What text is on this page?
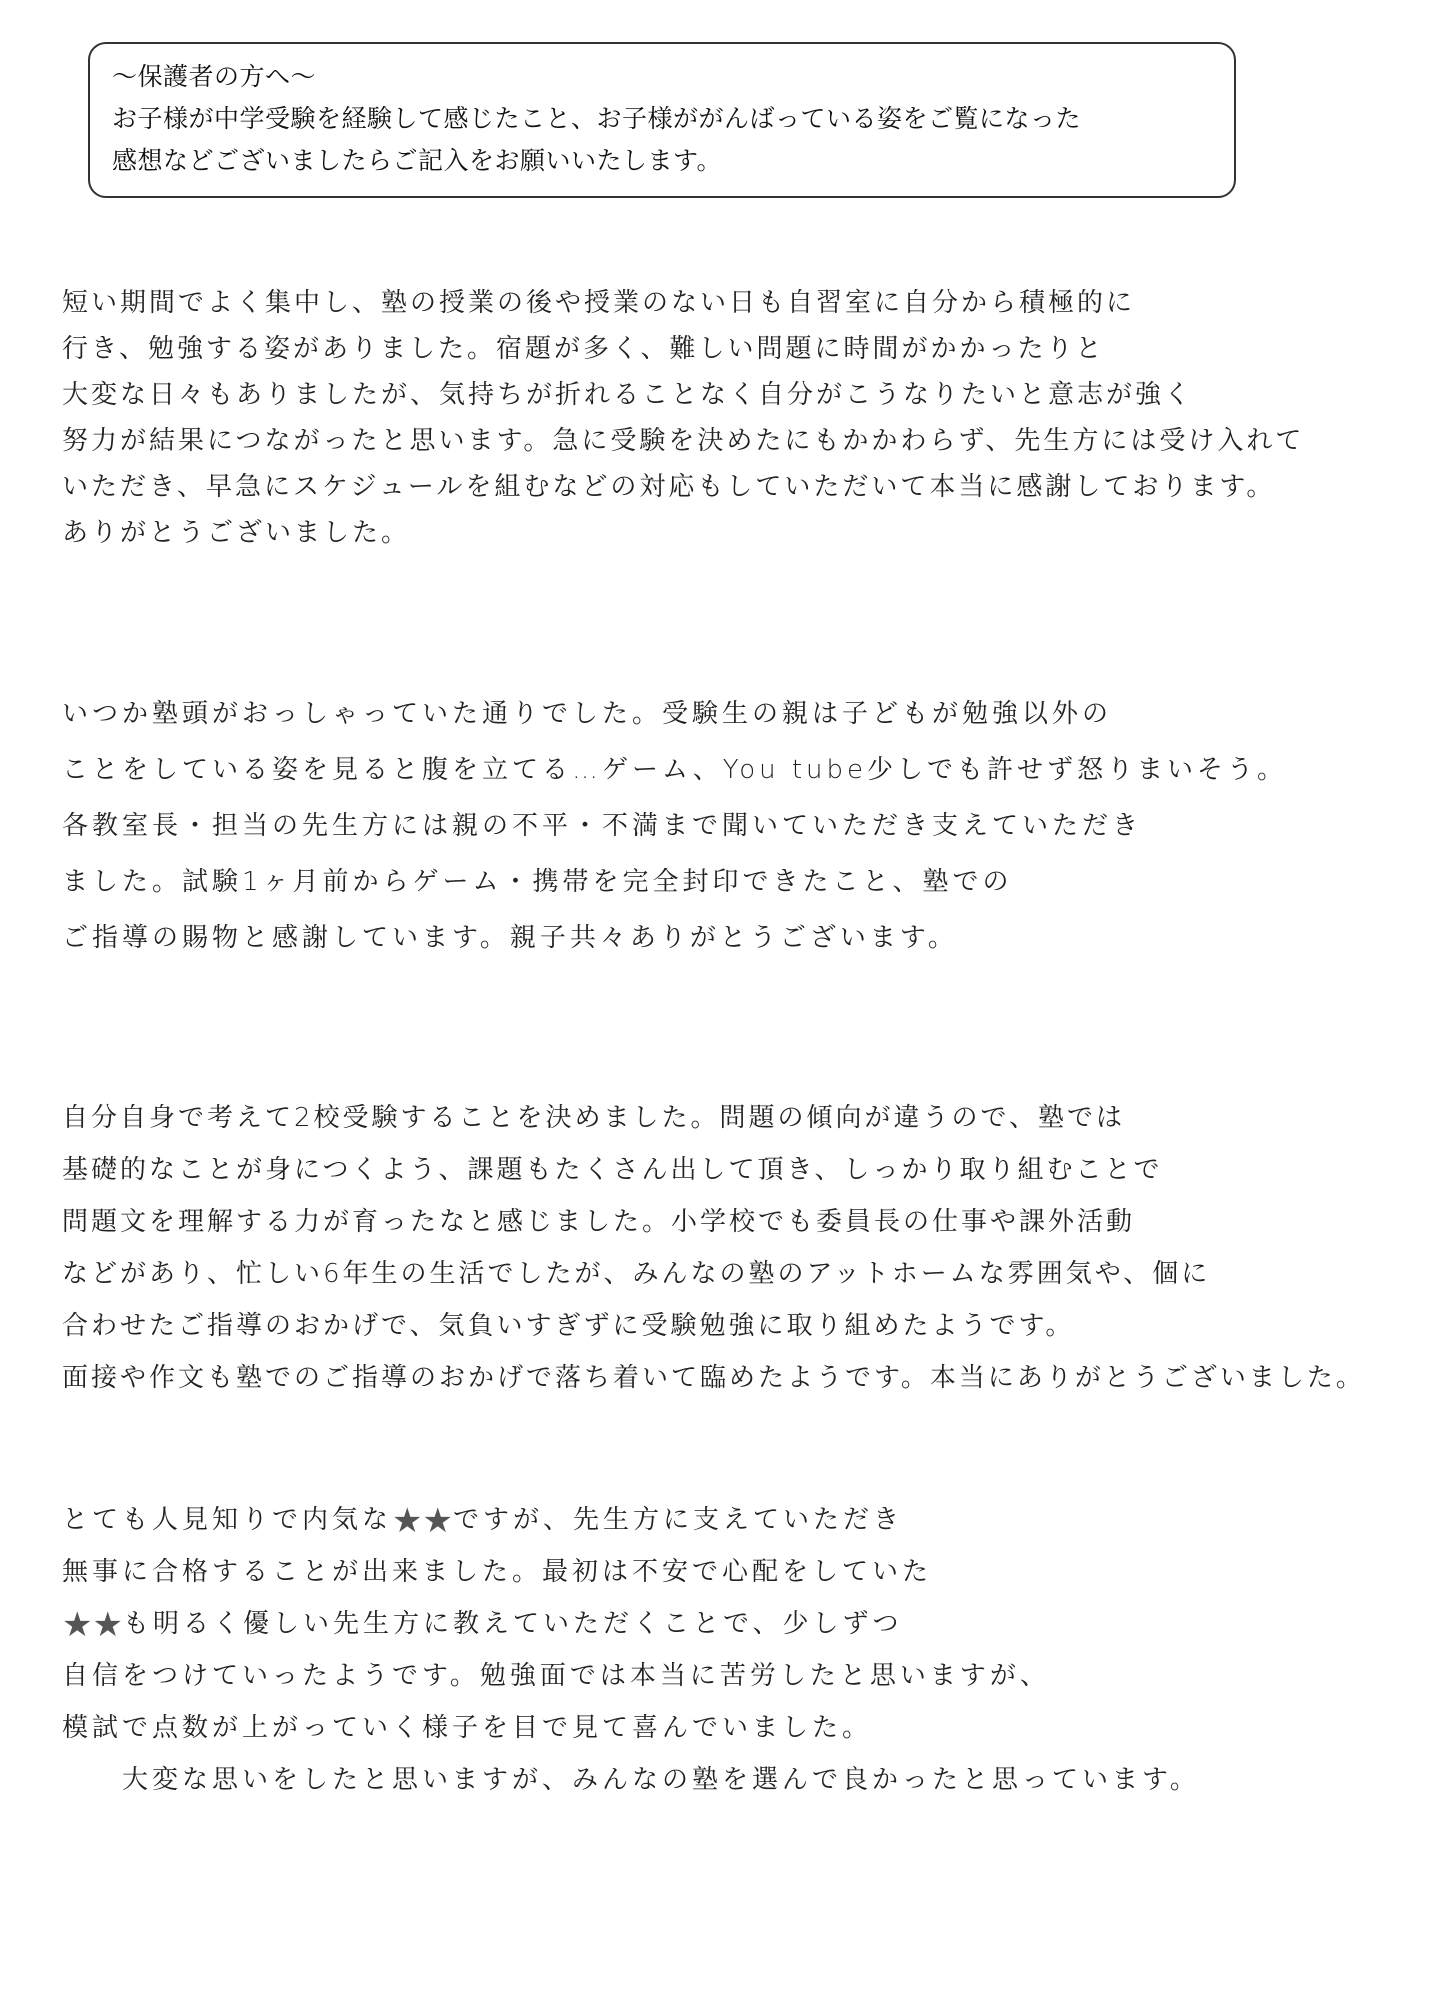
～保護者の方へ～
お子様が中学受験を経験して感じたこと、お子様ががんばっている姿をご覧になった
感想などございましたらご記入をお願いいたします。
短い期間でよく集中し、塾の授業の後や授業のない日も自習室に自分から積極的に
行き、勉強する姿がありました。宿題が多く、難しい問題に時間がかかったりと
大変な日々もありましたが、気持ちが折れることなく自分がこうなりたいと意志が強く
努力が結果につながったと思います。急に受験を決めたにもかかわらず、先生方には受け入れて
いただき、早急にスケジュールを組むなどの対応もしていただいて本当に感謝しております。
ありがとうございました。
いつか塾頭がおっしゃっていた通りでした。受験生の親は子どもが勉強以外の
ことをしている姿を見ると腹を立てる…ゲーム、You tube少しでも許せず怒りまいそう。
各教室長・担当の先生方には親の不平・不満まで聞いていただき支えていただき
ました。試験1ヶ月前からゲーム・携帯を完全封印できたこと、塾での
ご指導の賜物と感謝しています。親子共々ありがとうございます。
自分自身で考えて2校受験することを決めました。問題の傾向が違うので、塾では
基礎的なことが身につくよう、課題もたくさん出して頂き、しっかり取り組むことで
問題文を理解する力が育ったなと感じました。小学校でも委員長の仕事や課外活動
などがあり、忙しい6年生の生活でしたが、みんなの塾のアットホームな雰囲気や、個に
合わせたご指導のおかげで、気負いすぎずに受験勉強に取り組めたようです。
面接や作文も塾でのご指導のおかげで落ち着いて臨めたようです。本当にありがとうございました。
とても人見知りで内気な★★ですが、先生方に支えていただき
無事に合格することが出来ました。最初は不安で心配をしていた
★★も明るく優しい先生方に教えていただくことで、少しずつ
自信をつけていったようです。勉強面では本当に苦労したと思いますが、
模試で点数が上がっていく様子を目で見て喜んでいました。
大変な思いをしたと思いますが、みんなの塾を選んで良かったと思っています。
